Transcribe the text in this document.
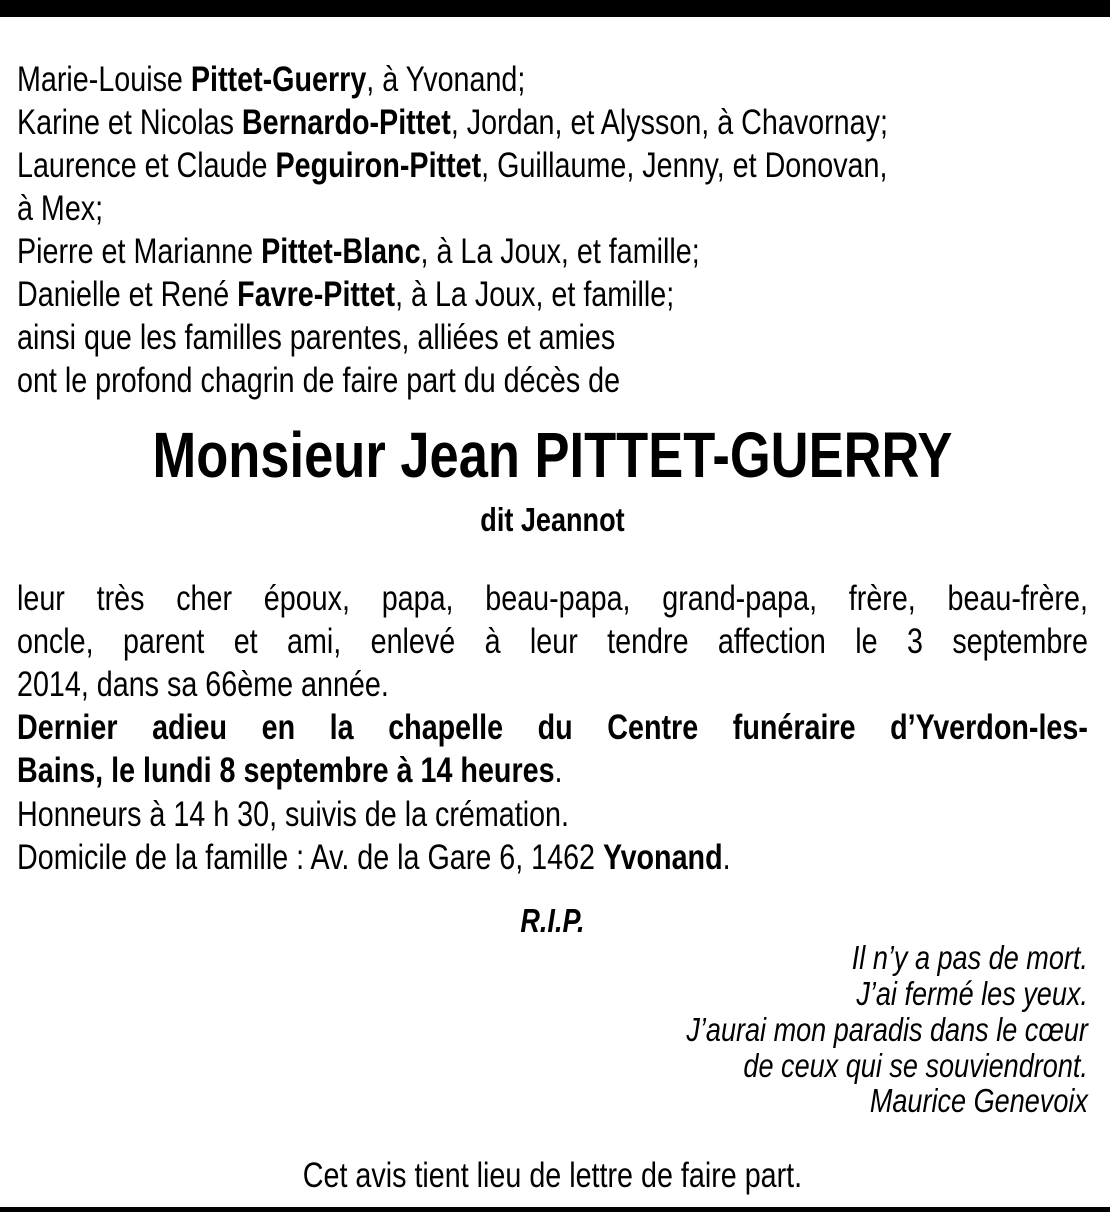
Marie-Louise Pittet-Guerry, à Yvonand;
Karine et Nicolas Bernardo-Pittet, Jordan, et Alysson, à Chavornay;
Laurence et Claude Peguiron-Pittet, Guillaume, Jenny, et Donovan,
à Mex;
Pierre et Marianne Pittet-Blanc, à La Joux, et famille;
Danielle et René Favre-Pittet, à La Joux, et famille;
ainsi que les familles parentes, alliées et amies
ont le profond chagrin de faire part du décès de
Monsieur Jean PITTET-GUERRY
dit Jeannot
leur très cher époux, papa, beau-papa, grand-papa, frère, beau-frère,
oncle, parent et ami, enlevé à leur tendre affection le 3 septembre
2014, dans sa 66ème année.
Dernier adieu en la chapelle du Centre funéraire d’Yverdon-les-
Bains, le lundi 8 septembre à 14 heures.
Honneurs à 14 h 30, suivis de la crémation.
Domicile de la famille : Av. de la Gare 6, 1462 Yvonand.
R.I.P.
Il n’y a pas de mort.
J’ai fermé les yeux.
J’aurai mon paradis dans le cœur
de ceux qui se souviendront.
Maurice Genevoix
Cet avis tient lieu de lettre de faire part.
